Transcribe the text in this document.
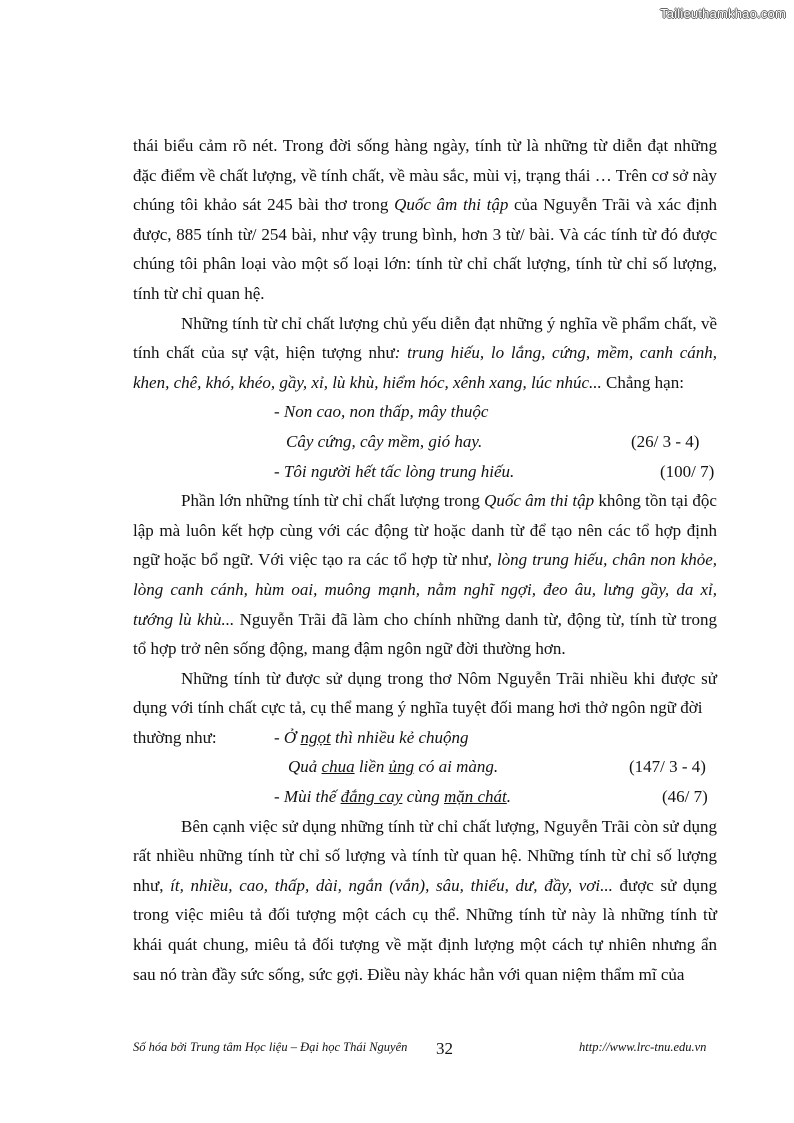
Tailieuthamkhao.com

thái biểu cảm rõ nét. Trong đời sống hàng ngày, tính từ là những từ diễn đạt những đặc điểm về chất lượng, về tính chất, về màu sắc, mùi vị, trạng thái … Trên cơ sở này chúng tôi khảo sát 245 bài thơ trong Quốc âm thi tập của Nguyễn Trãi và xác định được, 885 tính từ/ 254 bài, như vậy trung bình, hơn 3 từ/ bài. Và các tính từ đó được chúng tôi phân loại vào một số loại lớn: tính từ chỉ chất lượng, tính từ chỉ số lượng, tính từ chỉ quan hệ.

Những tính từ chỉ chất lượng chủ yếu diễn đạt những ý nghĩa về phẩm chất, về tính chất của sự vật, hiện tượng như: trung hiếu, lo lắng, cứng, mềm, canh cánh, khen, chê, khó, khéo, gầy, xỉ, lù khù, hiểm hóc, xênh xang, lúc nhúc... Chẳng hạn:

- Non cao, non thấp, mây thuộc
Cây cứng, cây mềm, gió hay.	(26/ 3 - 4)
- Tôi người hết tấc lòng trung hiếu.	(100/ 7)

Phần lớn những tính từ chỉ chất lượng trong Quốc âm thi tập không tồn tại độc lập mà luôn kết hợp cùng với các động từ hoặc danh từ để tạo nên các tổ hợp định ngữ hoặc bổ ngữ. Với việc tạo ra các tổ hợp từ như, lòng trung hiếu, chân non khỏe, lòng canh cánh, hùm oai, muông mạnh, nằm nghĩ ngợi, đeo âu, lưng gầy, da xỉ, tướng lù khù... Nguyễn Trãi đã làm cho chính những danh từ, động từ, tính từ trong tổ hợp trở nên sống động, mang đậm ngôn ngữ đời thường hơn.

Những tính từ được sử dụng trong thơ Nôm Nguyễn Trãi nhiều khi được sử dụng với tính chất cực tả, cụ thể mang ý nghĩa tuyệt đối mang hơi thở ngôn ngữ đời

thường như:	- Ở ngọt thì nhiều kẻ chuộng
Quả chua liền ủng có ai màng.	(147/ 3 - 4)
- Mùi thế đắng cay cùng mặn chát.	(46/ 7)

Bên cạnh việc sử dụng những tính từ chỉ chất lượng, Nguyễn Trãi còn sử dụng rất nhiều những tính từ chỉ số lượng và tính từ quan hệ. Những tính từ chỉ số lượng như, ít, nhiều, cao, thấp, dài, ngắn (vắn), sâu, thiếu, dư, đầy, vơi... được sử dụng trong việc miêu tả đối tượng một cách cụ thể. Những tính từ này là những tính từ khái quát chung, miêu tả đối tượng về mặt định lượng một cách tự nhiên nhưng ẩn sau nó tràn đầy sức sống, sức gợi. Điều này khác hẳn với quan niệm thẩm mĩ của

Số hóa bởi Trung tâm Học liệu – Đại học Thái Nguyên 32	http://www.lrc-tnu.edu.vn
